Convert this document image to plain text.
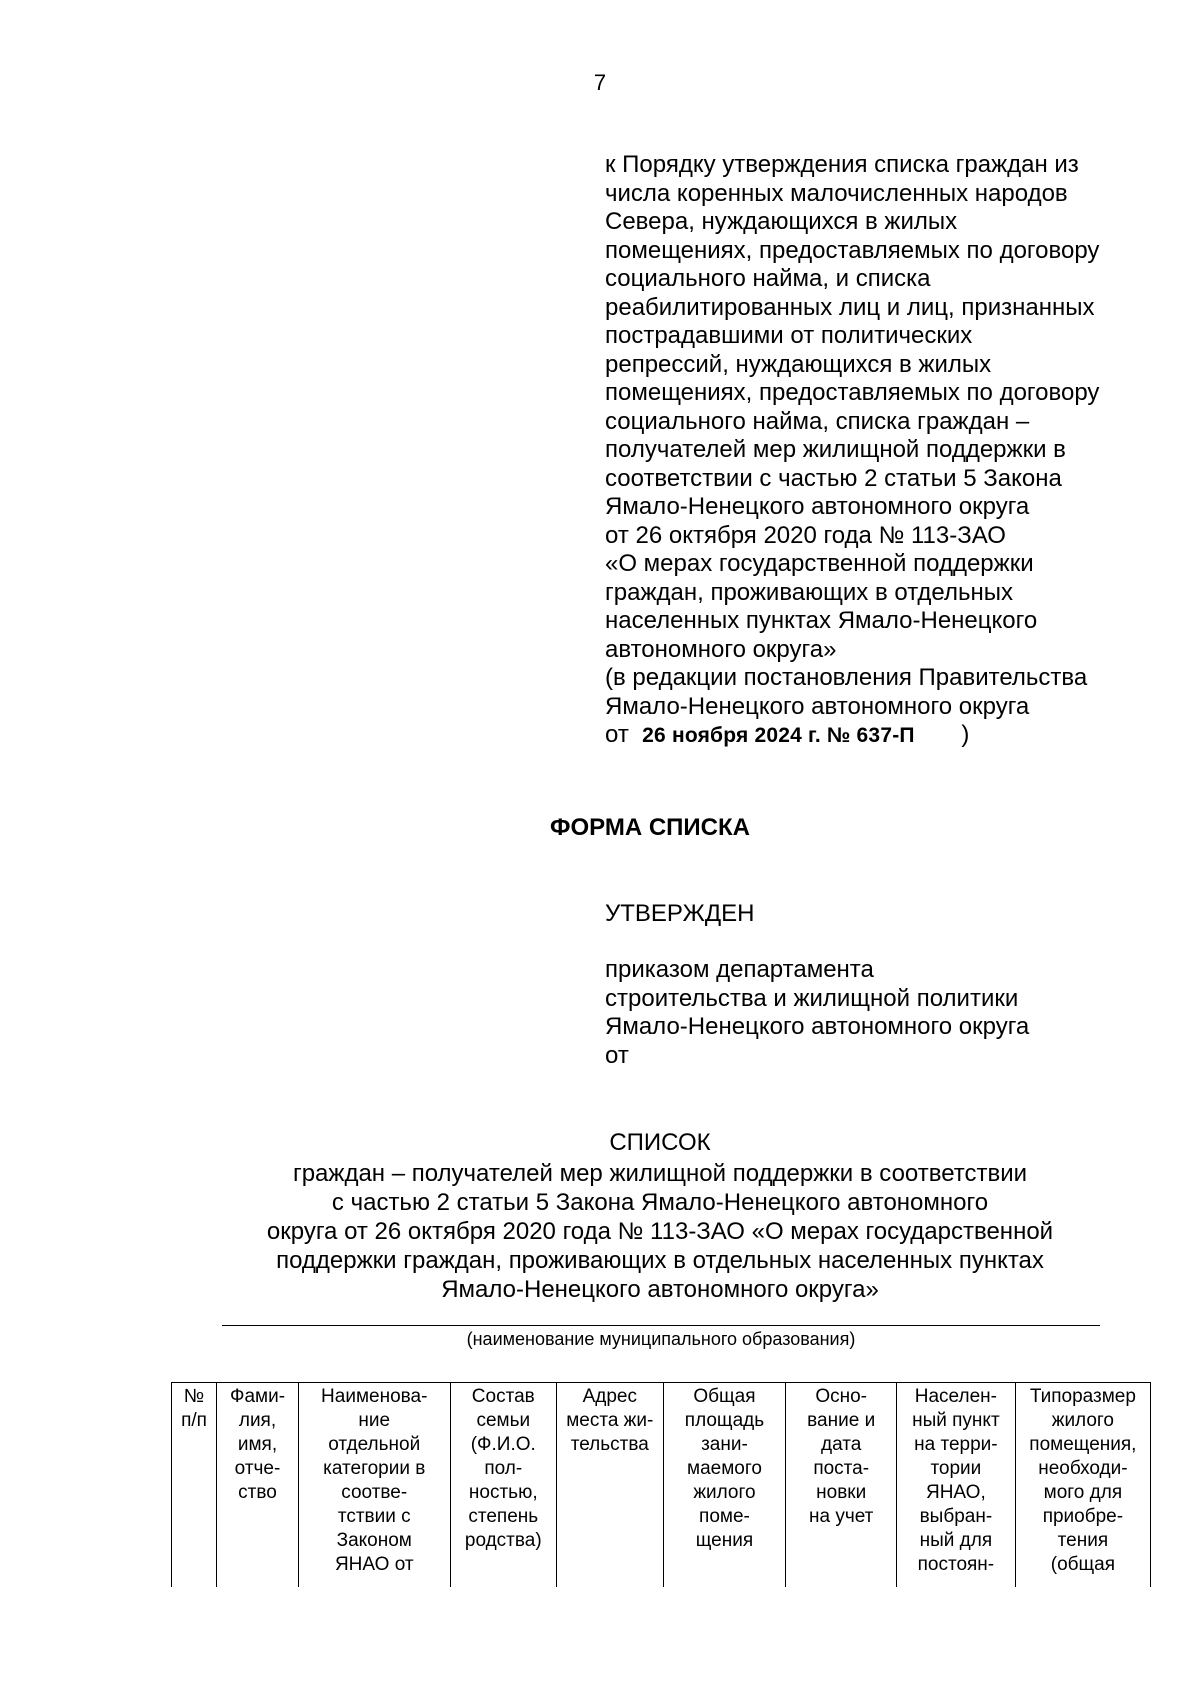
7
к Порядку утверждения списка граждан из
числа коренных малочисленных народов
Севера, нуждающихся в жилых
помещениях, предоставляемых по договору
социального найма, и списка
реабилитированных лиц и лиц, признанных
пострадавшими от политических
репрессий, нуждающихся в жилых
помещениях, предоставляемых по договору
социального найма, списка граждан –
получателей мер жилищной поддержки в
соответствии с частью 2 статьи 5 Закона
Ямало-Ненецкого автономного округа
от 26 октября 2020 года № 113-ЗАО
«О мерах государственной поддержки
граждан, проживающих в отдельных
населенных пунктах Ямало-Ненецкого
автономного округа»
(в редакции постановления Правительства
Ямало-Ненецкого автономного округа
от 26 ноября 2024 г. № 637-П )
ФОРМА СПИСКА
УТВЕРЖДЕН
приказом департамента
строительства и жилищной политики
Ямало-Ненецкого автономного округа
от
СПИСОК
граждан – получателей мер жилищной поддержки в соответствии
с частью 2 статьи 5 Закона Ямало-Ненецкого автономного
округа от 26 октября 2020 года № 113-ЗАО «О мерах государственной
поддержки граждан, проживающих в отдельных населенных пунктах
Ямало-Ненецкого автономного округа»
(наименование муниципального образования)
№
п/п

Фами-
лия,
имя,
отче-
ство

Наименова-
ние
отдельной
категории в
соотве-
тствии с
Законом
ЯНАО от

Состав
семьи
(Ф.И.О.
пол-
ностью,
степень
родства)

Адрес
места жи-
тельства

Общая
площадь
зани-
маемого
жилого
поме-
щения

Осно-
вание и
дата
поста-
новки
на учет

Населен-
ный пункт
на терри-
тории
ЯНАО,
выбран-
ный для
постоян-

Типоразмер
жилого
помещения,
необходи-
мого для
приобре-
тения
(общая
